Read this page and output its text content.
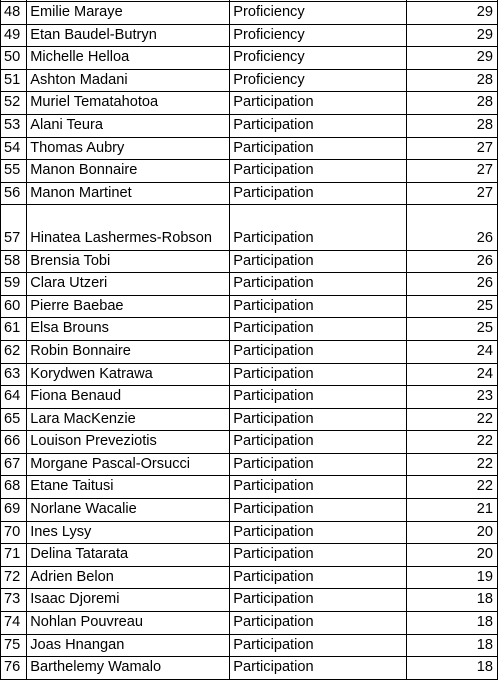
48	Emilie Maraye	Proficiency	29
49	Etan Baudel-Butryn	Proficiency	29
50	Michelle Helloa	Proficiency	29
51	Ashton Madani	Proficiency	28
52	Muriel Tematahotoa	Participation	28
53	Alani Teura	Participation	28
54	Thomas Aubry	Participation	27
55	Manon Bonnaire	Participation	27
56	Manon Martinet	Participation	27
57	Hinatea Lashermes-Robson	Participation	26
58	Brensia Tobi	Participation	26
59	Clara Utzeri	Participation	26
60	Pierre Baebae	Participation	25
61	Elsa Brouns	Participation	25
62	Robin Bonnaire	Participation	24
63	Korydwen Katrawa	Participation	24
64	Fiona Benaud	Participation	23
65	Lara MacKenzie	Participation	22
66	Louison Preveziotis	Participation	22
67	Morgane Pascal-Orsucci	Participation	22
68	Etane Taitusi	Participation	22
69	Norlane Wacalie	Participation	21
70	Ines Lysy	Participation	20
71	Delina Tatarata	Participation	20
72	Adrien Belon	Participation	19
73	Isaac Djoremi	Participation	18
74	Nohlan Pouvreau	Participation	18
75	Joas Hnangan	Participation	18
76	Barthelemy Wamalo	Participation	18
